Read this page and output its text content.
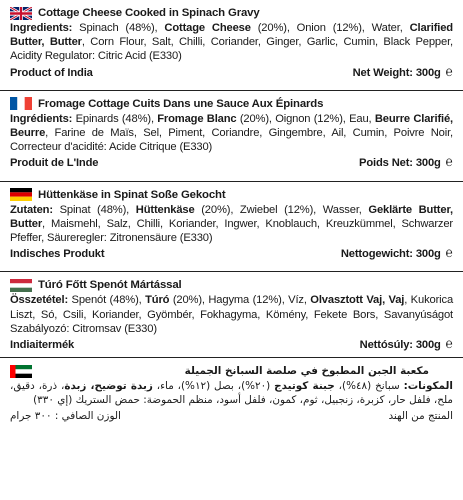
Cottage Cheese Cooked in Spinach Gravy
Ingredients: Spinach (48%), Cottage Cheese (20%), Onion (12%), Water, Clarified Butter, Butter, Corn Flour, Salt, Chilli, Coriander, Ginger, Garlic, Cumin, Black Pepper, Acidity Regulator: Citric Acid (E330)
Product of India	Net Weight: 300g ℮
Fromage Cottage Cuits Dans une Sauce Aux Épinards
Ingrédients: Epinards (48%), Fromage Blanc (20%), Oignon (12%), Eau, Beurre Clarifié, Beurre, Farine de Maïs, Sel, Piment, Coriandre, Gingembre, Ail, Cumin, Poivre Noir, Correcteur d'acidité: Acide Citrique (E330)
Produit de L'Inde	Poids Net: 300g ℮
Hüttenkäse in Spinat Soße Gekocht
Zutaten: Spinat (48%), Hüttenkäse (20%), Zwiebel (12%), Wasser, Geklärte Butter, Butter, Maismehl, Salz, Chilli, Koriander, Ingwer, Knoblauch, Kreuzkümmel, Schwarzer Pfeffer, Säureregler: Zitronensäure (E330)
Indisches Produkt	Nettogewicht: 300g ℮
Túró Főtt Spenót Mártással
Összetétel: Spenót (48%), Túró (20%), Hagyma (12%), Víz, Olvasztott Vaj, Vaj, Kukorica Liszt, Só, Csili, Koriander, Gyömbér, Fokhagyma, Kömény, Fekete Bors, Savanyúságot Szabályozó: Citromsav (E330)
Indiaitermék	Nettósúly: 300g ℮
مكعبة الجبن المطبوخ في صلصة السبانخ الجميلة
المكونات: سبانخ (٤٨%)، جبنة كوتيدج (٢٠%)، بصل (١٢%)، ماء، زبدة توضيح، زبدة، ذرة، دقيق، ملح، فلفل حار، كزبرة، زنجبيل، ثوم، كمون، فلفل أسود، منظم الحموضة: حمض الستريك (إي ٣٣٠)
المنتج من الهند
الوزن الصافي : ٣٠٠ جرام
